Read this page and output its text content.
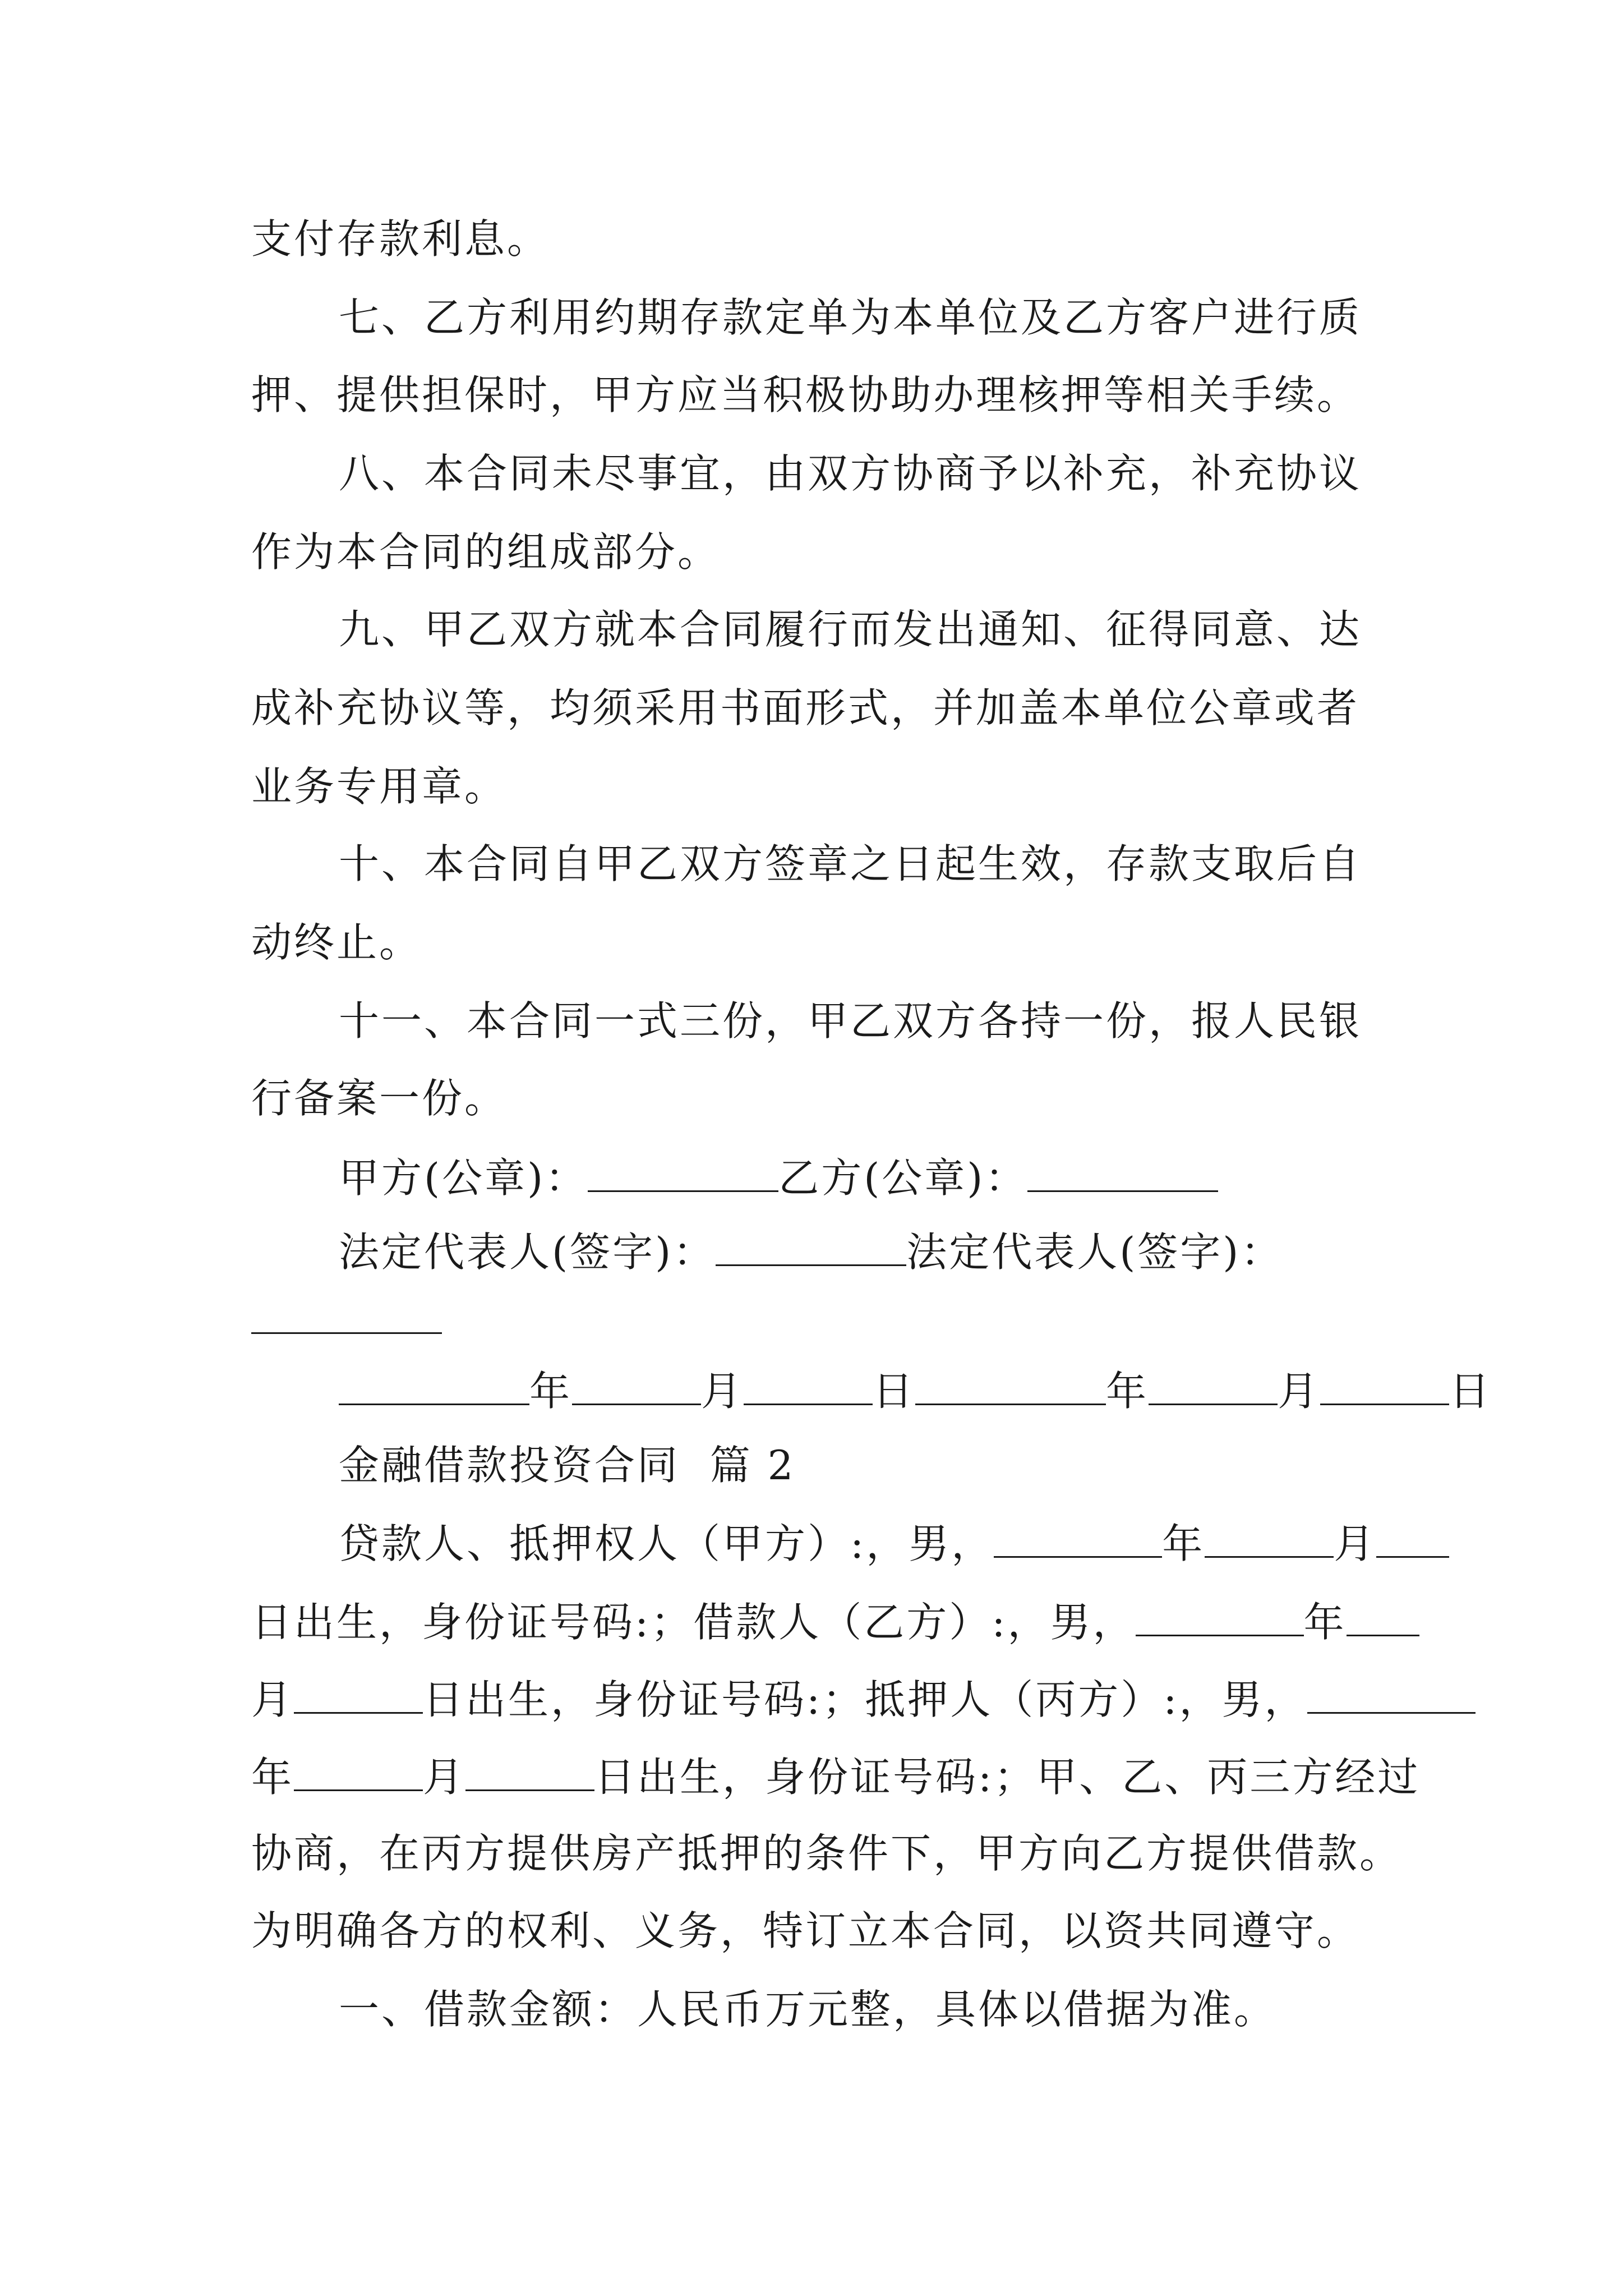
支付存款利息。
七、乙方利用约期存款定单为本单位及乙方客户进行质
押、提供担保时，甲方应当积极协助办理核押等相关手续。
八、本合同未尽事宜，由双方协商予以补充，补充协议
作为本合同的组成部分。
九、甲乙双方就本合同履行而发出通知、征得同意、达
成补充协议等，均须采用书面形式，并加盖本单位公章或者
业务专用章。
十、本合同自甲乙双方签章之日起生效，存款支取后自
动终止。
十一、本合同一式三份，甲乙双方各持一份，报人民银
行备案一份。
甲方(公章)：	乙方(公章)：
法定代表人(签字)：	法定代表人(签字)：
年	月	日	年	月	日
金融借款投资合同  篇 2
贷款人、抵押权人（甲方）:，男，	年	月
日出生，身份证号码:；借款人（乙方）:，男，	年
月	日出生，身份证号码:；抵押人（丙方）:，男，
年	月	日出生，身份证号码:；甲、乙、丙三方经过
协商，在丙方提供房产抵押的条件下，甲方向乙方提供借款。
为明确各方的权利、义务，特订立本合同，以资共同遵守。
一、借款金额：人民币万元整，具体以借据为准。
